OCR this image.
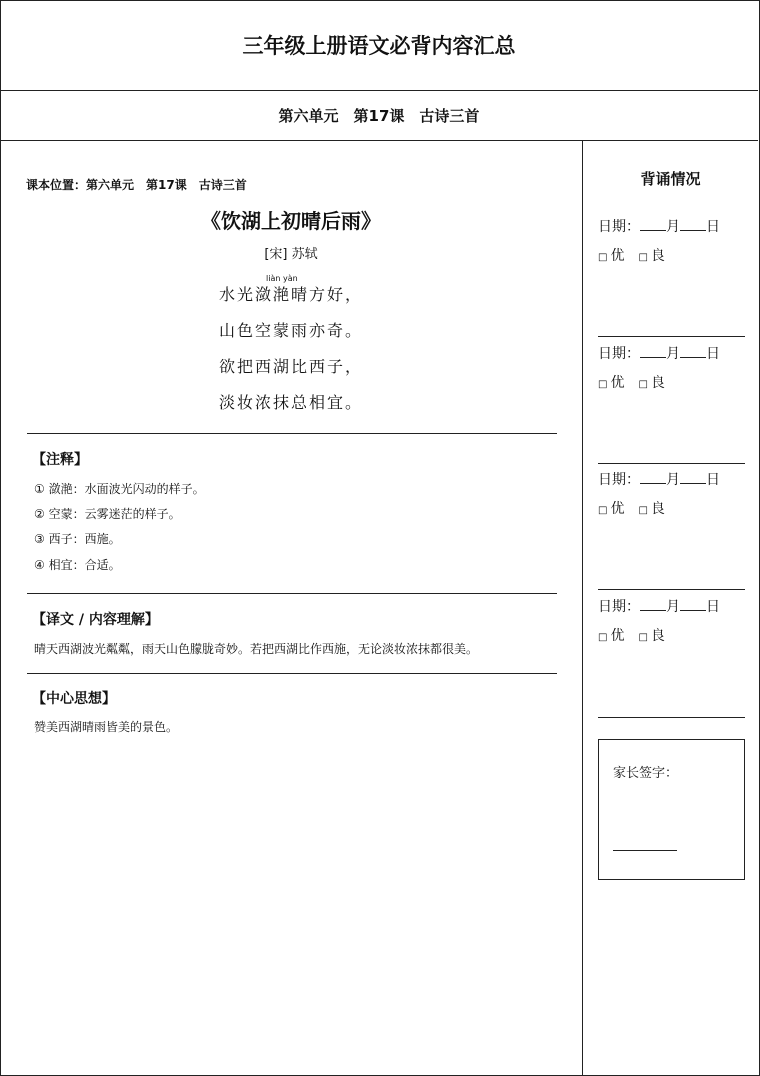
三年级上册语文必背内容汇总
第六单元　第17课　古诗三首
课本位置：第六单元　第17课　古诗三首
《饮湖上初晴后雨》
[宋] 苏轼
liàn yàn
水光潋滟晴方好，
山色空蒙雨亦奇。
欲把西湖比西子，
淡妆浓抹总相宜。
【注释】
① 潋滟：水面波光闪动的样子。
② 空蒙：云雾迷茫的样子。
③ 西子：西施。
④ 相宜：合适。
【译文 / 内容理解】
晴天西湖波光粼粼，雨天山色朦胧奇妙。若把西湖比作西施，无论淡妆浓抹都很美。
【中心思想】
赞美西湖晴雨皆美的景色。
背诵情况
日期： 月 日
□ 优 □ 良
日期： 月 日
□ 优 □ 良
日期： 月 日
□ 优 □ 良
日期： 月 日
□ 优 □ 良
家长签字：
